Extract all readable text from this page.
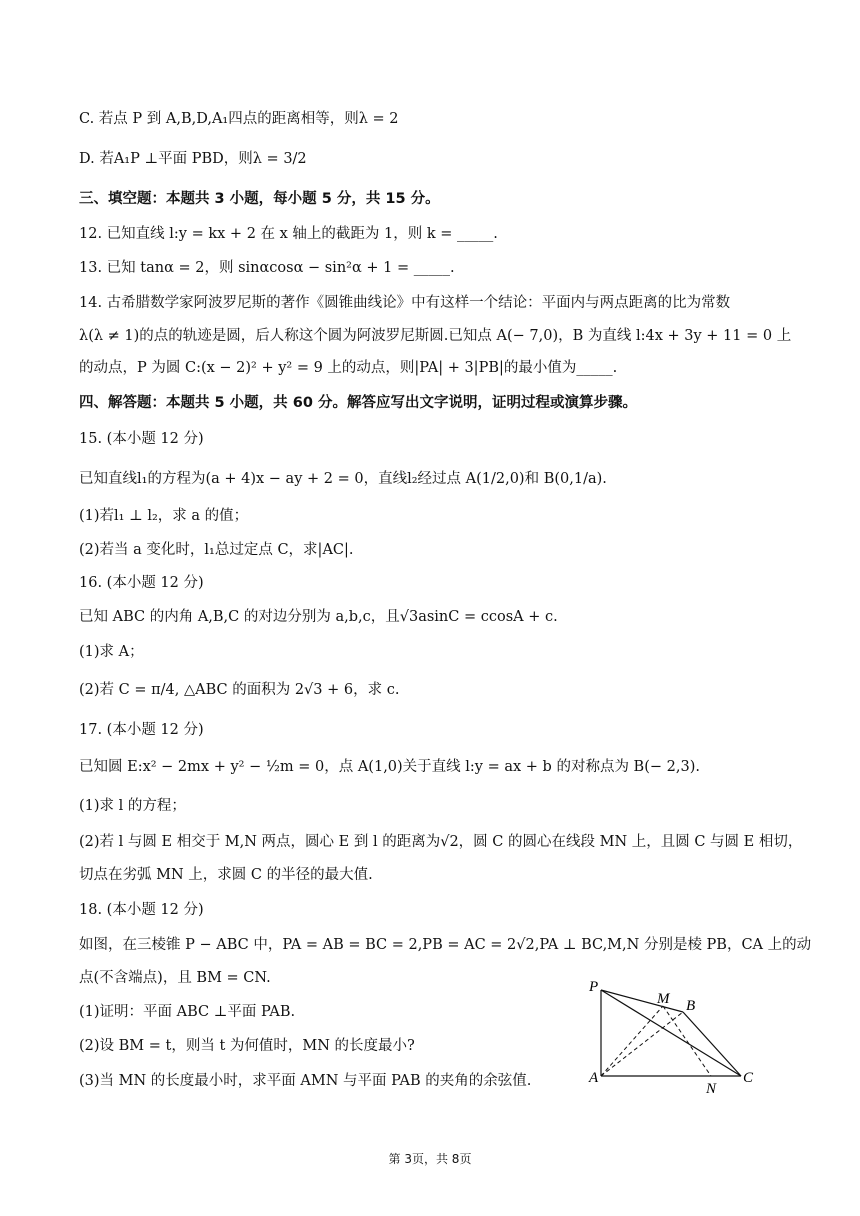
C. 若点 P 到 A,B,D,A₁四点的距离相等，则λ = 2
D. 若A₁P ⊥平面 PBD，则λ = 3/2
三、填空题：本题共 3 小题，每小题 5 分，共 15 分。
12. 已知直线 l:y = kx + 2 在 x 轴上的截距为 1，则 k = _____.
13. 已知 tanα = 2，则 sinαcosα − sin²α + 1 = _____.
14. 古希腊数学家阿波罗尼斯的著作《圆锥曲线论》中有这样一个结论：平面内与两点距离的比为常数
λ(λ ≠ 1)的点的轨迹是圆，后人称这个圆为阿波罗尼斯圆.已知点 A(− 7,0)，B 为直线 l:4x + 3y + 11 = 0 上
的动点，P 为圆 C:(x − 2)² + y² = 9 上的动点，则|PA| + 3|PB|的最小值为_____.
四、解答题：本题共 5 小题，共 60 分。解答应写出文字说明，证明过程或演算步骤。
15. (本小题 12 分)
已知直线l₁的方程为(a + 4)x − ay + 2 = 0，直线l₂经过点 A(1/2,0)和 B(0,1/a).
(1)若l₁ ⊥ l₂，求 a 的值；
(2)若当 a 变化时，l₁总过定点 C，求|AC|.
16. (本小题 12 分)
已知 ABC 的内角 A,B,C 的对边分别为 a,b,c，且√3asinC = ccosA + c.
(1)求 A；
(2)若 C = π/4, △ABC 的面积为 2√3 + 6，求 c.
17. (本小题 12 分)
已知圆 E:x² − 2mx + y² − ½m = 0，点 A(1,0)关于直线 l:y = ax + b 的对称点为 B(− 2,3).
(1)求 l 的方程；
(2)若 l 与圆 E 相交于 M,N 两点，圆心 E 到 l 的距离为√2，圆 C 的圆心在线段 MN 上，且圆 C 与圆 E 相切，
切点在劣弧 MN 上，求圆 C 的半径的最大值.
18. (本小题 12 分)
如图，在三棱锥 P − ABC 中，PA = AB = BC = 2,PB = AC = 2√2,PA ⊥ BC,M,N 分别是棱 PB，CA 上的动
点(不含端点)，且 BM = CN.
(1)证明：平面 ABC ⊥平面 PAB.
(2)设 BM = t，则当 t 为何值时，MN 的长度最小?
(3)当 MN 的长度最小时，求平面 AMN 与平面 PAB 的夹角的余弦值.
P
M B
A
N
C
第 3页，共 8页
